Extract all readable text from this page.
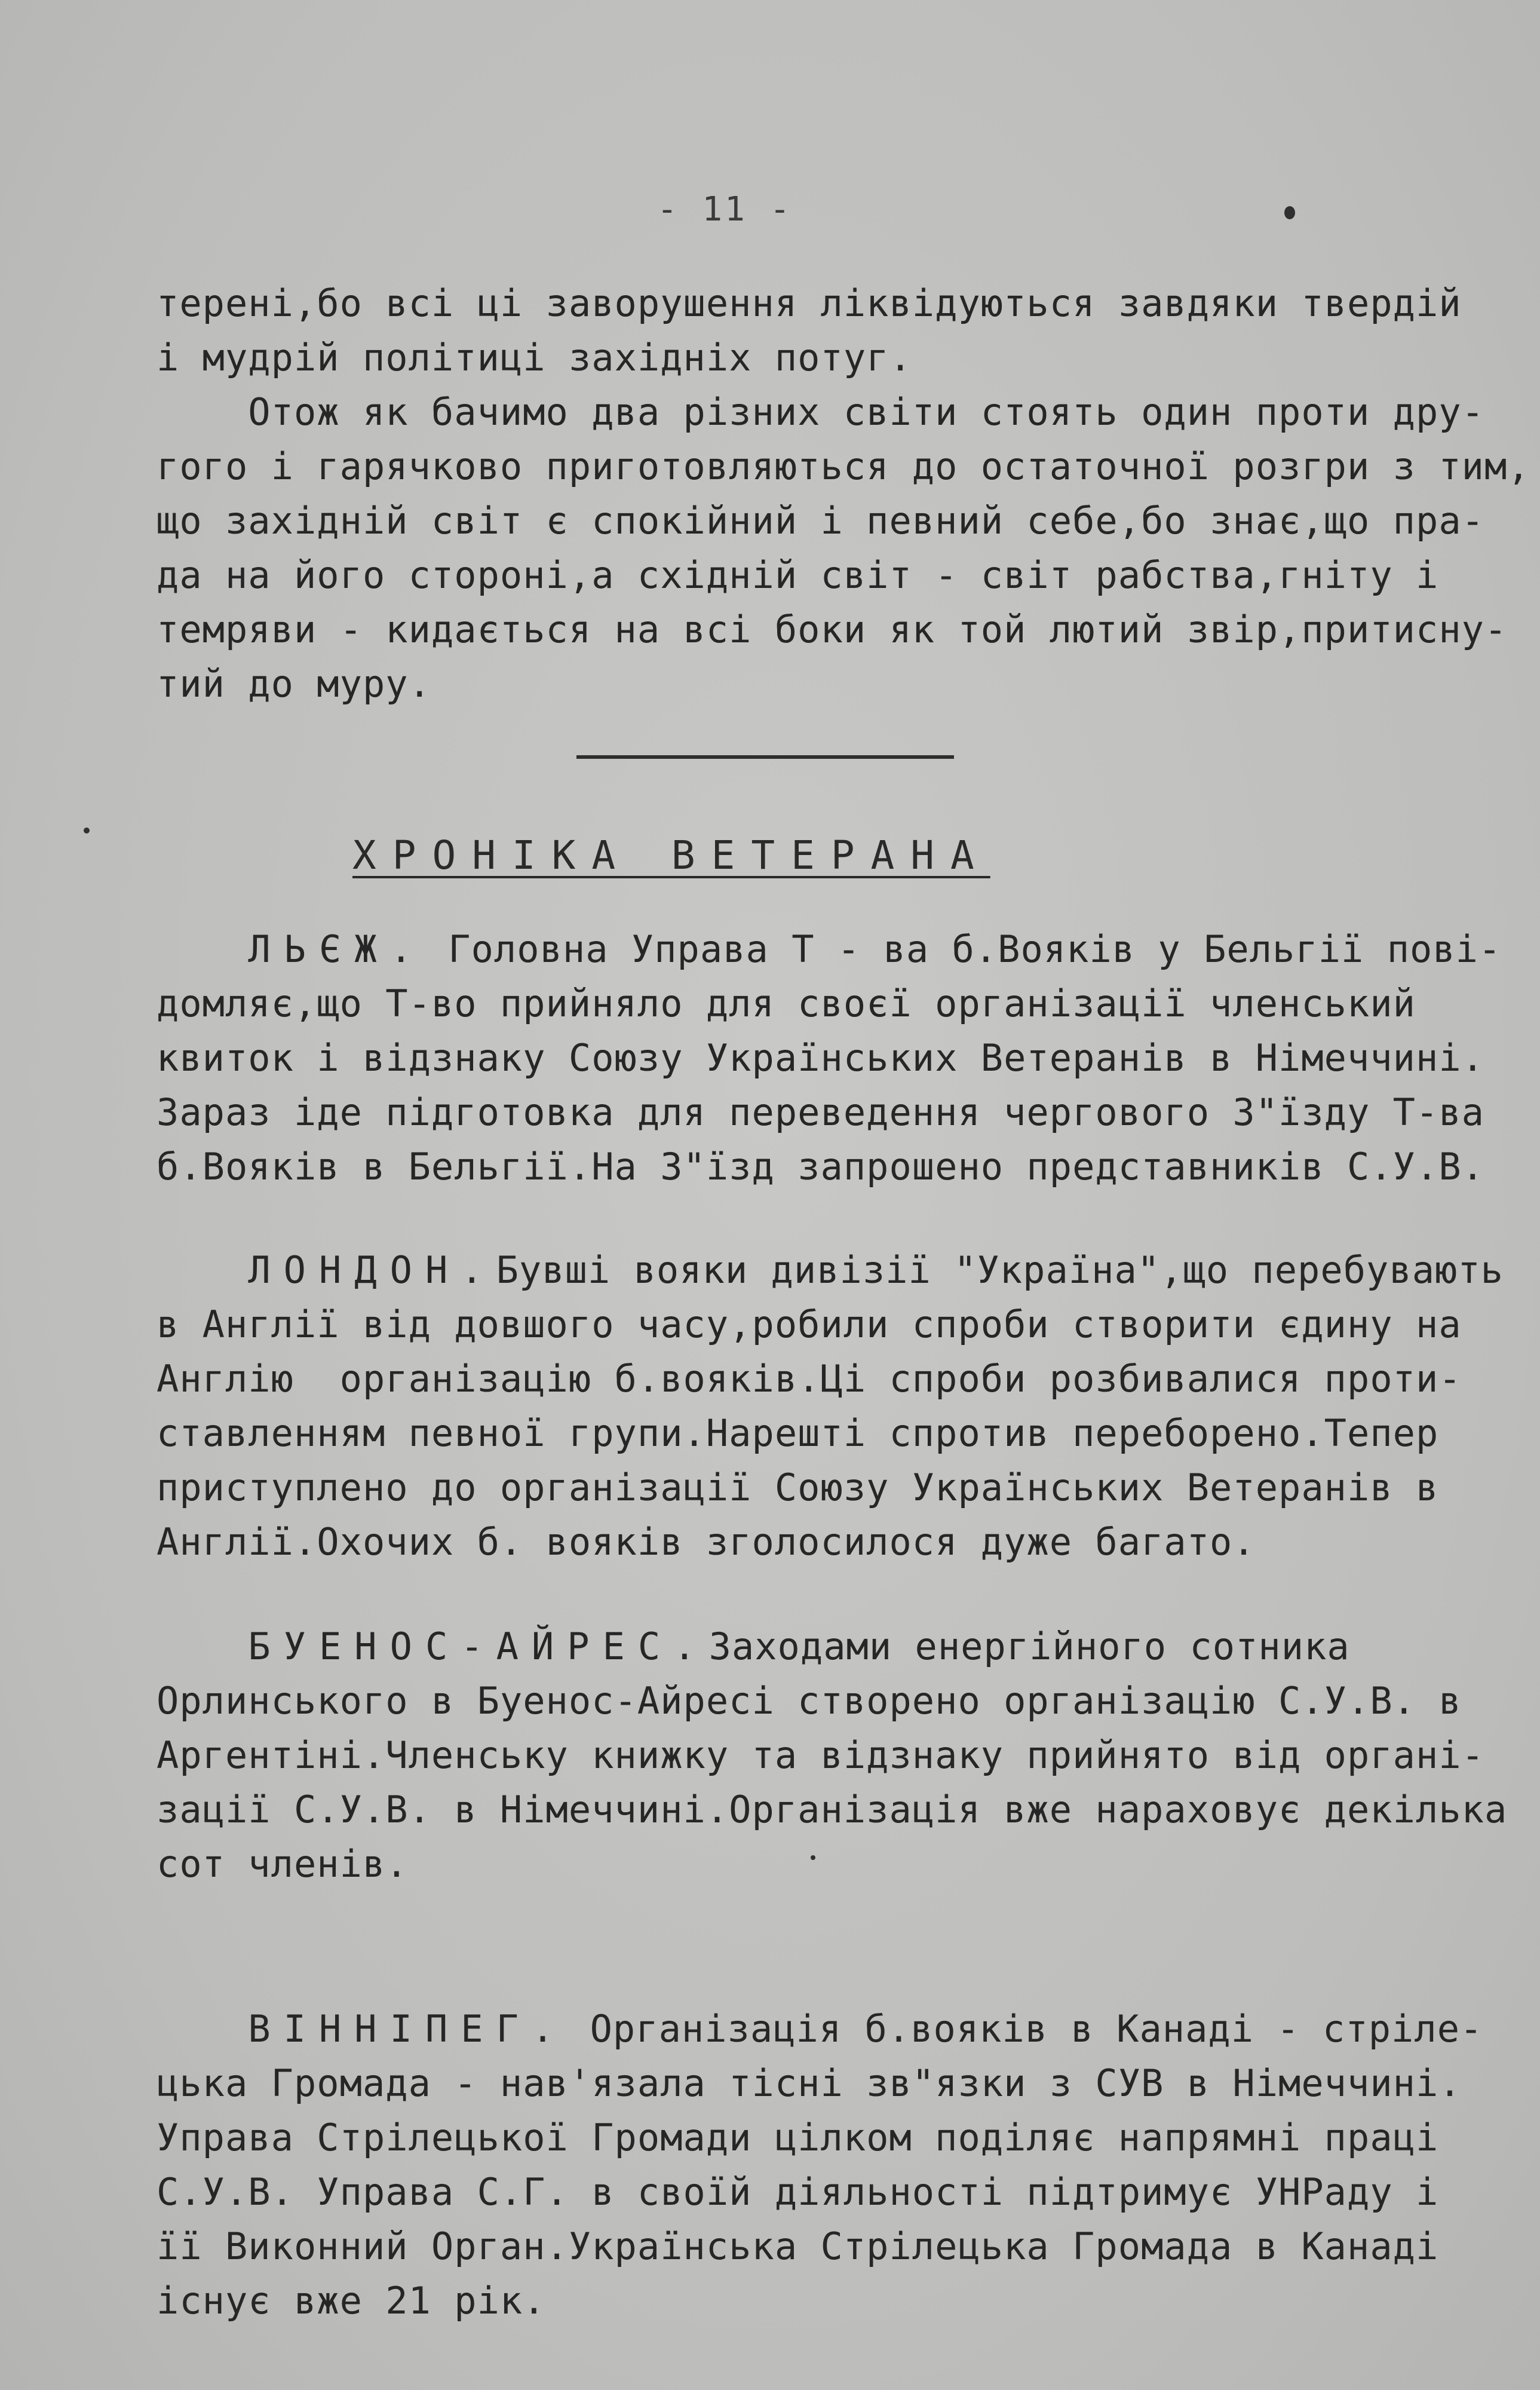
- 11 -
терені,бо всі ці заворушення ліквідуються завдяки твердій
і мудрій політиці західніх потуг.
Отож як бачимо два різних світи стоять один проти дру-
гого і гарячково приготовляються до остаточної розгри з тим,
що західній світ є спокійний і певний себе,бо знає,що пра-
да на його стороні,а східній світ - світ рабства,гніту і
темряви - кидається на всі боки як той лютий звір,притисну-
тий до муру.
ХРОНІКА ВЕТЕРАНА
ЛЬЄЖ. Головна Управа Т - ва б.Вояків у Бельгії пові-
домляє,що Т-во прийняло для своєї організації членський
квиток і відзнаку Союзу Українських Ветеранів в Німеччині.
Зараз іде підготовка для переведення чергового З"їзду Т-ва
б.Вояків в Бельгії.На З"їзд запрошено представників С.У.В.
ЛОНДОН.Бувші вояки дивізії "Україна",що перебувають
в Англії від довшого часу,робили спроби створити єдину на
Англію  організацію б.вояків.Ці спроби розбивалися проти-
ставленням певної групи.Нарешті спротив переборено.Тепер
приступлено до організації Союзу Українських Ветеранів в
Англії.Охочих б. вояків зголосилося дуже багато.
БУЕНОС-АЙРЕС.Заходами енергійного сотника
Орлинського в Буенос-Айресі створено організацію С.У.В. в
Аргентіні.Членську книжку та відзнаку прийнято від органі-
зації С.У.В. в Німеччині.Організація вже нараховує декілька
сот членів.
ВІННІПЕГ. Організація б.вояків в Канаді - стріле-
цька Громада - нав'язала тісні зв"язки з СУВ в Німеччині.
Управа Стрілецької Громади цілком поділяє напрямні праці
С.У.В. Управа С.Г. в своїй діяльності підтримує УНРаду і
її Виконний Орган.Українська Стрілецька Громада в Канаді
існує вже 21 рік.
